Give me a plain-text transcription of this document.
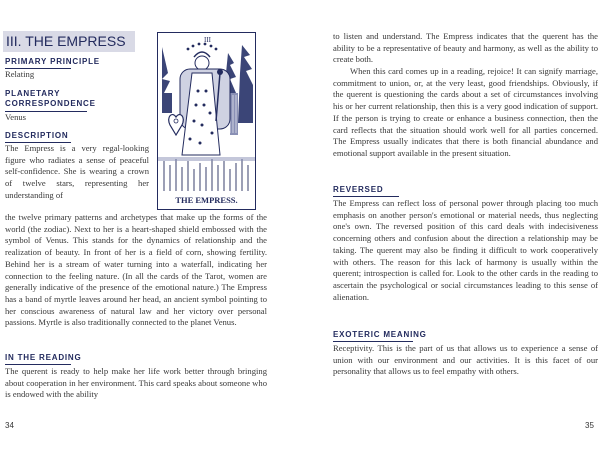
III. THE EMPRESS
PRIMARY PRINCIPLE
Relating
PLANETARY
CORRESPONDENCE
Venus
DESCRIPTION
The Empress is a very regal-looking figure who radiates a sense of peaceful self-confidence. She is wearing a crown of twelve stars, representing her understanding of
the twelve primary patterns and archetypes that make up the forms of the world (the zodiac). Next to her is a heart-shaped shield embossed with the symbol of Venus. This stands for the dynamics of relationship and the realization of beauty. In front of her is a field of corn, showing fertility. Behind her is a stream of water turning into a waterfall, indicating her connection to the feeling nature. (In all the cards of the Tarot, women are generally indicative of the presence of the emotional nature.) The Empress has a band of myrtle leaves around her head, an ancient symbol pointing to her conscious awareness of natural law and her victory over personal passions. Myrtle is also traditionally connected to the planet Venus.
IN THE READING
The querent is ready to help make her life work better through bringing about cooperation in her environment. This card speaks about someone who is endowed with the ability
III
THE EMPRESS.
34
to listen and understand. The Empress indicates that the querent has the ability to be a representative of beauty and harmony, as well as the ability to create both.
When this card comes up in a reading, rejoice! It can signify marriage, commitment to union, or, at the very least, good friendships. Obviously, if the querent is questioning the cards about a set of circumstances involving his or her current relationship, then this is a very good indication of support. If the person is trying to create or enhance a business connection, then the card reflects that the situation should work well for all parties concerned. The Empress usually indicates that there is both financial abundance and emotional support available in the present situation.
REVERSED
The Empress can reflect loss of personal power through placing too much emphasis on another person's emotional or material needs, thus neglecting one's own. The reversed position of this card deals with indecisiveness concerning others and confusion about the direction a relationship may be taking. The querent may also be finding it difficult to work cooperatively with others. The reason for this lack of harmony is usually within the querent; introspection is called for. Look to the other cards in the reading to ascertain the psychological or social circumstances leading to this sense of alienation.
EXOTERIC MEANING
Receptivity. This is the part of us that allows us to experience a sense of union with our environment and our activities. It is this facet of our personality that allows us to feel empathy with others.
35
